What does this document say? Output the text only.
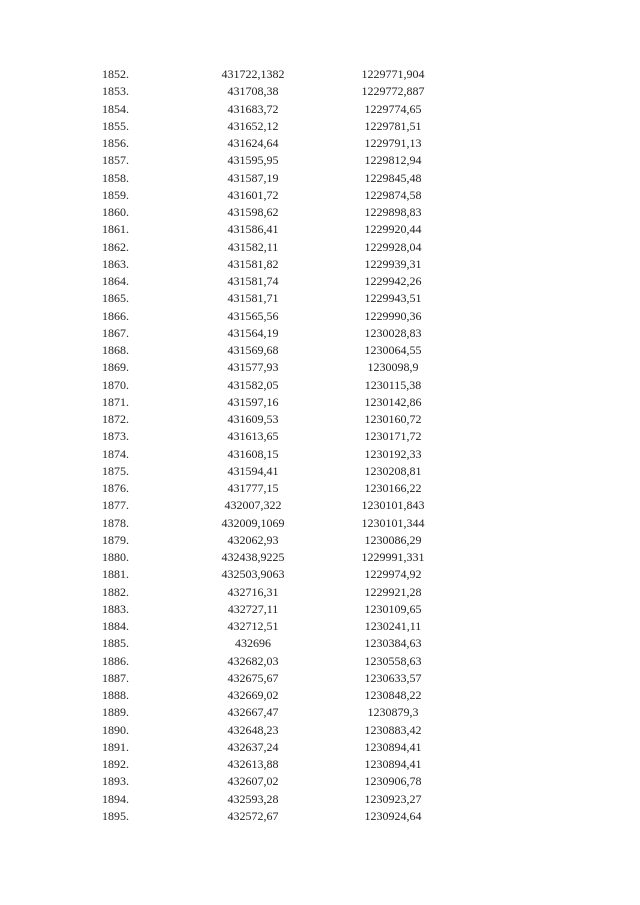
1852.	431722,1382	1229771,904
1853.	431708,38	1229772,887
1854.	431683,72	1229774,65
1855.	431652,12	1229781,51
1856.	431624,64	1229791,13
1857.	431595,95	1229812,94
1858.	431587,19	1229845,48
1859.	431601,72	1229874,58
1860.	431598,62	1229898,83
1861.	431586,41	1229920,44
1862.	431582,11	1229928,04
1863.	431581,82	1229939,31
1864.	431581,74	1229942,26
1865.	431581,71	1229943,51
1866.	431565,56	1229990,36
1867.	431564,19	1230028,83
1868.	431569,68	1230064,55
1869.	431577,93	1230098,9
1870.	431582,05	1230115,38
1871.	431597,16	1230142,86
1872.	431609,53	1230160,72
1873.	431613,65	1230171,72
1874.	431608,15	1230192,33
1875.	431594,41	1230208,81
1876.	431777,15	1230166,22
1877.	432007,322	1230101,843
1878.	432009,1069	1230101,344
1879.	432062,93	1230086,29
1880.	432438,9225	1229991,331
1881.	432503,9063	1229974,92
1882.	432716,31	1229921,28
1883.	432727,11	1230109,65
1884.	432712,51	1230241,11
1885.	432696	1230384,63
1886.	432682,03	1230558,63
1887.	432675,67	1230633,57
1888.	432669,02	1230848,22
1889.	432667,47	1230879,3
1890.	432648,23	1230883,42
1891.	432637,24	1230894,41
1892.	432613,88	1230894,41
1893.	432607,02	1230906,78
1894.	432593,28	1230923,27
1895.	432572,67	1230924,64
